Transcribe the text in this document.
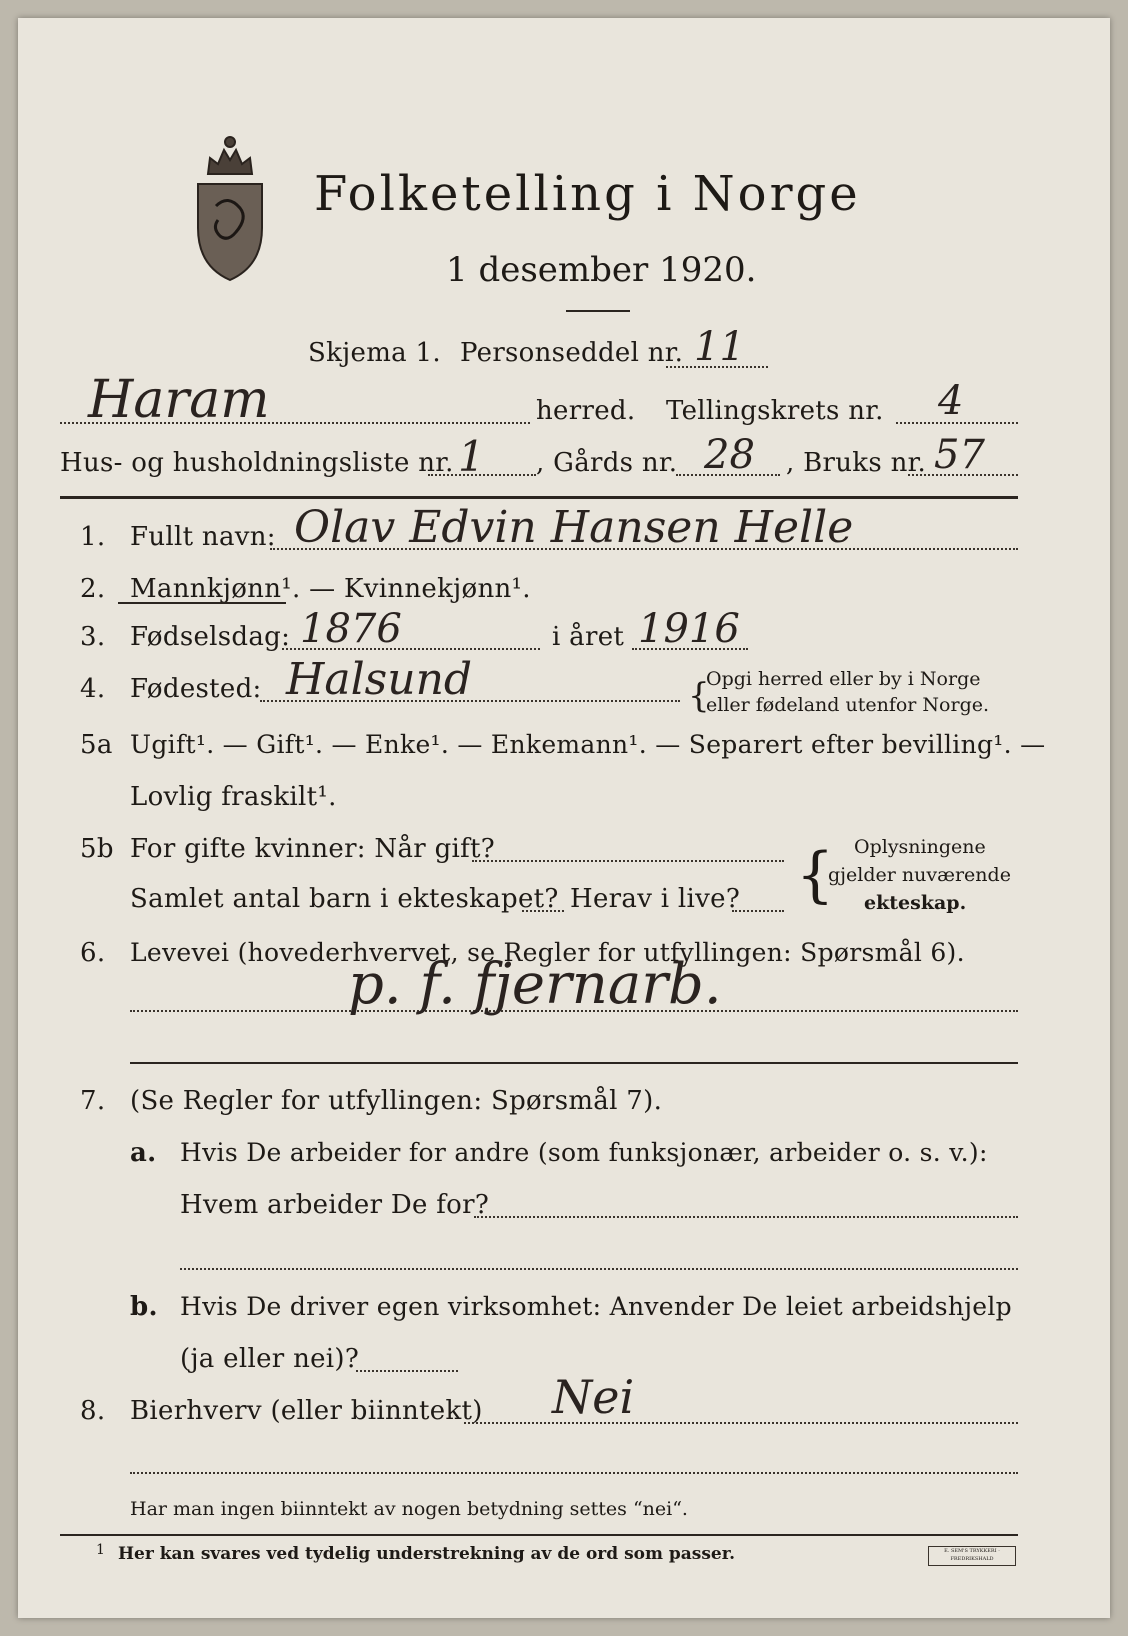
Folketelling i Norge
1 desember 1920.
Skjema 1. Personseddel nr. 11
Haram	herred. Tellingskrets nr. 4
Hus- og husholdningsliste nr. 1 , Gårds nr. 28 , Bruks nr. 57
1. Fullt navn: Olav Edvin Hansen Helle
2. Mannkjønn¹. — Kvinnekjønn¹.
3. Fødselsdag: 1876	i året 1916
4. Fødested: Halsund	{
Opgi herred eller by i Norge
eller fødeland utenfor Norge.
5a Ugift¹. — Gift¹. — Enke¹. — Enkemann¹. — Separert efter bevilling¹. —
Lovlig fraskilt¹.
5b For gifte kvinner: Når gift?
Samlet antal barn i ekteskapet? Herav i live? { Oplysningene
gjelder nuværende
ekteskap.
6. Levevei (hovederhvervet, se Regler for utfyllingen: Spørsmål 6).
p. f. fjernarb.
7. (Se Regler for utfyllingen: Spørsmål 7).
a. Hvis De arbeider for andre (som funksjonær, arbeider o. s. v.):
Hvem arbeider De for?
b. Hvis De driver egen virksomhet: Anvender De leiet arbeidshjelp
(ja eller nei)?
8. Bierhverv (eller biinntekt) Nei
Har man ingen biinntekt av nogen betydning settes “nei“.
1 Her kan svares ved tydelig understrekning av de ord som passer.	E. SEM'S TRYKKERI · FREDRIKSHALD
